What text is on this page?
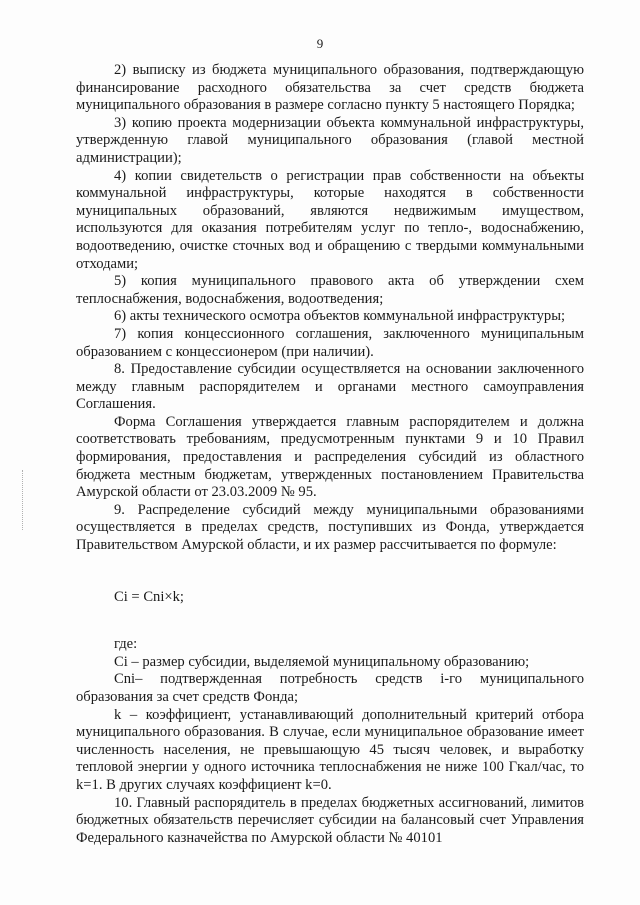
9

2) выписку из бюджета муниципального образования, подтверждающую финансирование расходного обязательства за счет средств бюджета муниципального образования в размере согласно пункту 5 настоящего Порядка;

3) копию проекта модернизации объекта коммунальной инфраструктуры, утвержденную главой муниципального образования (главой местной администрации);

4) копии свидетельств о регистрации прав собственности на объекты коммунальной инфраструктуры, которые находятся в собственности муниципальных образований, являются недвижимым имуществом, используются для оказания потребителям услуг по тепло-, водоснабжению, водоотведению, очистке сточных вод и обращению с твердыми коммунальными отходами;

5) копия муниципального правового акта об утверждении схем теплоснабжения, водоснабжения, водоотведения;

6) акты технического осмотра объектов коммунальной инфраструктуры;

7) копия концессионного соглашения, заключенного муниципальным образованием с концессионером (при наличии).

8. Предоставление субсидии осуществляется на основании заключенного между главным распорядителем и органами местного самоуправления Соглашения.

Форма Соглашения утверждается главным распорядителем и должна соответствовать требованиям, предусмотренным пунктами 9 и 10 Правил формирования, предоставления и распределения субсидий из областного бюджета местным бюджетам, утвержденных постановлением Правительства Амурской области от 23.03.2009 № 95.

9. Распределение субсидий между муниципальными образованиями осуществляется в пределах средств, поступивших из Фонда, утверждается Правительством Амурской области, и их размер рассчитывается по формуле:

Ci = Cni×k;

где:

Ci – размер субсидии, выделяемой муниципальному образованию;

Cni– подтвержденная потребность средств i-го муниципального образования за счет средств Фонда;

k – коэффициент, устанавливающий дополнительный критерий отбора муниципального образования. В случае, если муниципальное образование имеет численность населения, не превышающую 45 тысяч человек, и выработку тепловой энергии у одного источника теплоснабжения не ниже 100 Гкал/час, то k=1. В других случаях коэффициент k=0.

10. Главный распорядитель в пределах бюджетных ассигнований, лимитов бюджетных обязательств перечисляет субсидии на балансовый счет Управления Федерального казначейства по Амурской области № 40101
